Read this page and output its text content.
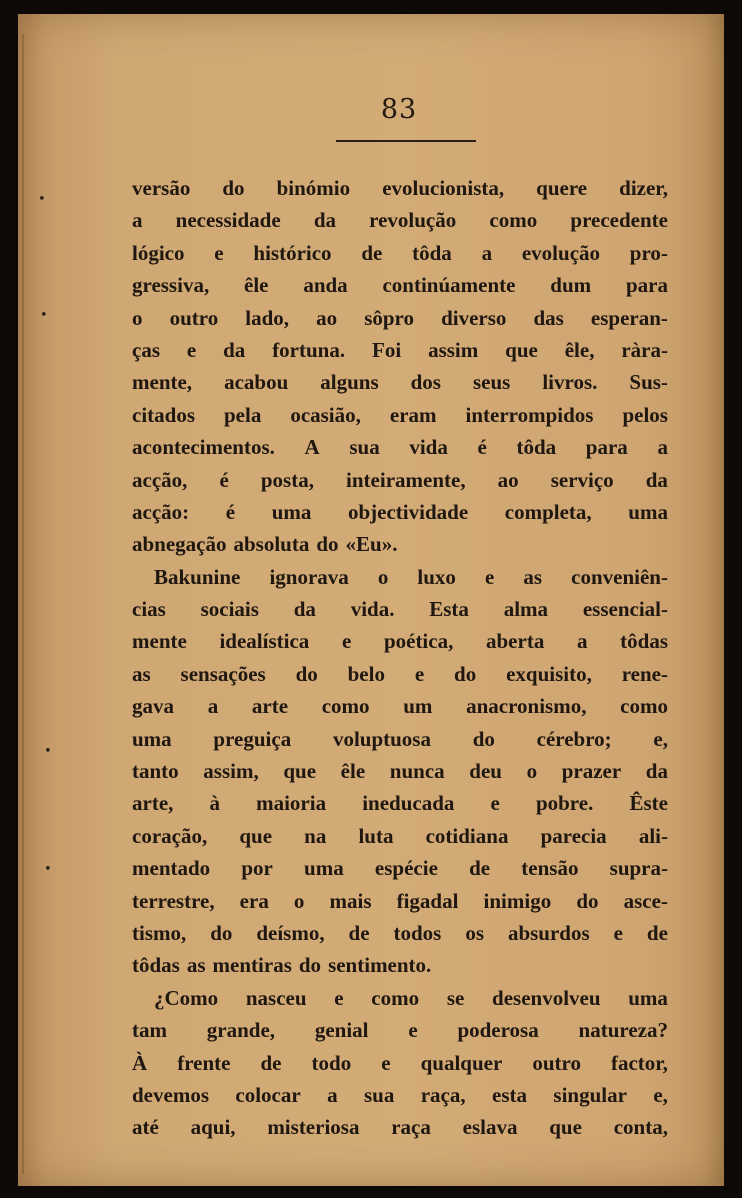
83
versão do binómio evolucionista, quere dizer,
a necessidade da revolução como precedente
lógico e histórico de tôda a evolução pro-
gressiva, êle anda continúamente dum para
o outro lado, ao sôpro diverso das esperan-
ças e da fortuna. Foi assim que êle, ràra-
mente, acabou alguns dos seus livros. Sus-
citados pela ocasião, eram interrompidos pelos
acontecimentos. A sua vida é tôda para a
acção, é posta, inteiramente, ao serviço da
acção: é uma objectividade completa, uma
abnegação absoluta do «Eu».
Bakunine ignorava o luxo e as conveniên-
cias sociais da vida. Esta alma essencial-
mente idealística e poética, aberta a tôdas
as sensações do belo e do exquisito, rene-
gava a arte como um anacronismo, como
uma preguiça voluptuosa do cérebro; e,
tanto assim, que êle nunca deu o prazer da
arte, à maioria ineducada e pobre. Êste
coração, que na luta cotidiana parecia ali-
mentado por uma espécie de tensão supra-
terrestre, era o mais figadal inimigo do asce-
tismo, do deísmo, de todos os absurdos e de
tôdas as mentiras do sentimento.
¿Como nasceu e como se desenvolveu uma
tam grande, genial e poderosa natureza?
À frente de todo e qualquer outro factor,
devemos colocar a sua raça, esta singular e,
até aqui, misteriosa raça eslava que conta,
•
•
•
•
